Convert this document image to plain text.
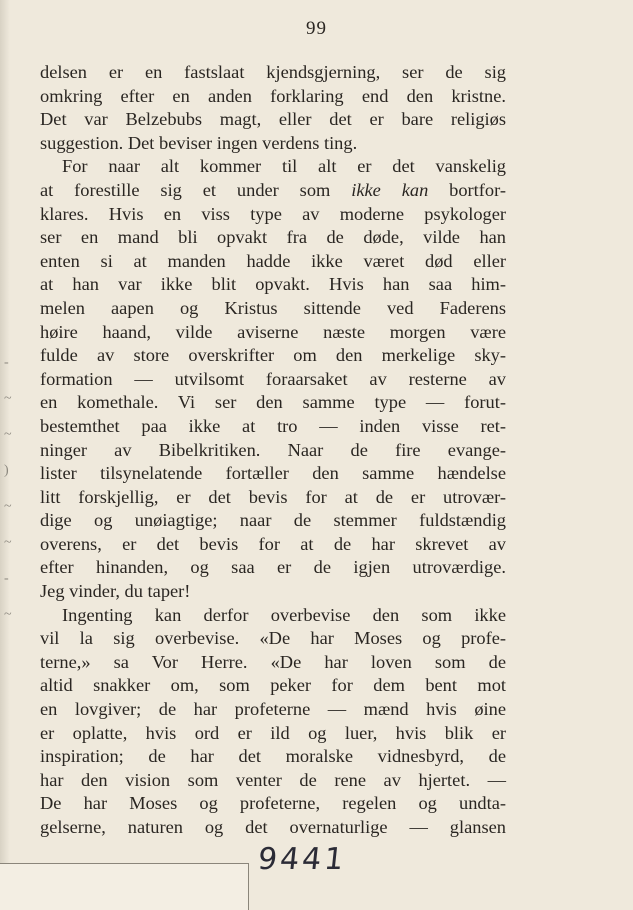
-
~
~
)
~
~
-
~
99
delsen er en fastslaat kjendsgjerning, ser de sig
omkring efter en anden forklaring end den kristne.
Det var Belzebubs magt, eller det er bare religiøs
suggestion. Det beviser ingen verdens ting.
For naar alt kommer til alt er det vanskelig
at forestille sig et under som ikke kan bortfor-
klares. Hvis en viss type av moderne psykologer
ser en mand bli opvakt fra de døde, vilde han
enten si at manden hadde ikke været død eller
at han var ikke blit opvakt. Hvis han saa him-
melen aapen og Kristus sittende ved Faderens
høire haand, vilde aviserne næste morgen være
fulde av store overskrifter om den merkelige sky-
formation — utvilsomt foraarsaket av resterne av
en komethale. Vi ser den samme type — forut-
bestemthet paa ikke at tro — inden visse ret-
ninger av Bibelkritiken. Naar de fire evange-
lister tilsynelatende fortæller den samme hændelse
litt forskjellig, er det bevis for at de er utrovær-
dige og unøiagtige; naar de stemmer fuldstændig
overens, er det bevis for at de har skrevet av
efter hinanden, og saa er de igjen utroværdige.
Jeg vinder, du taper!
Ingenting kan derfor overbevise den som ikke
vil la sig overbevise. «De har Moses og profe-
terne,» sa Vor Herre. «De har loven som de
altid snakker om, som peker for dem bent mot
en lovgiver; de har profeterne — mænd hvis øine
er oplatte, hvis ord er ild og luer, hvis blik er
inspiration; de har det moralske vidnesbyrd, de
har den vision som venter de rene av hjertet. —
De har Moses og profeterne, regelen og undta-
gelserne, naturen og det overnaturlige — glansen
9441
